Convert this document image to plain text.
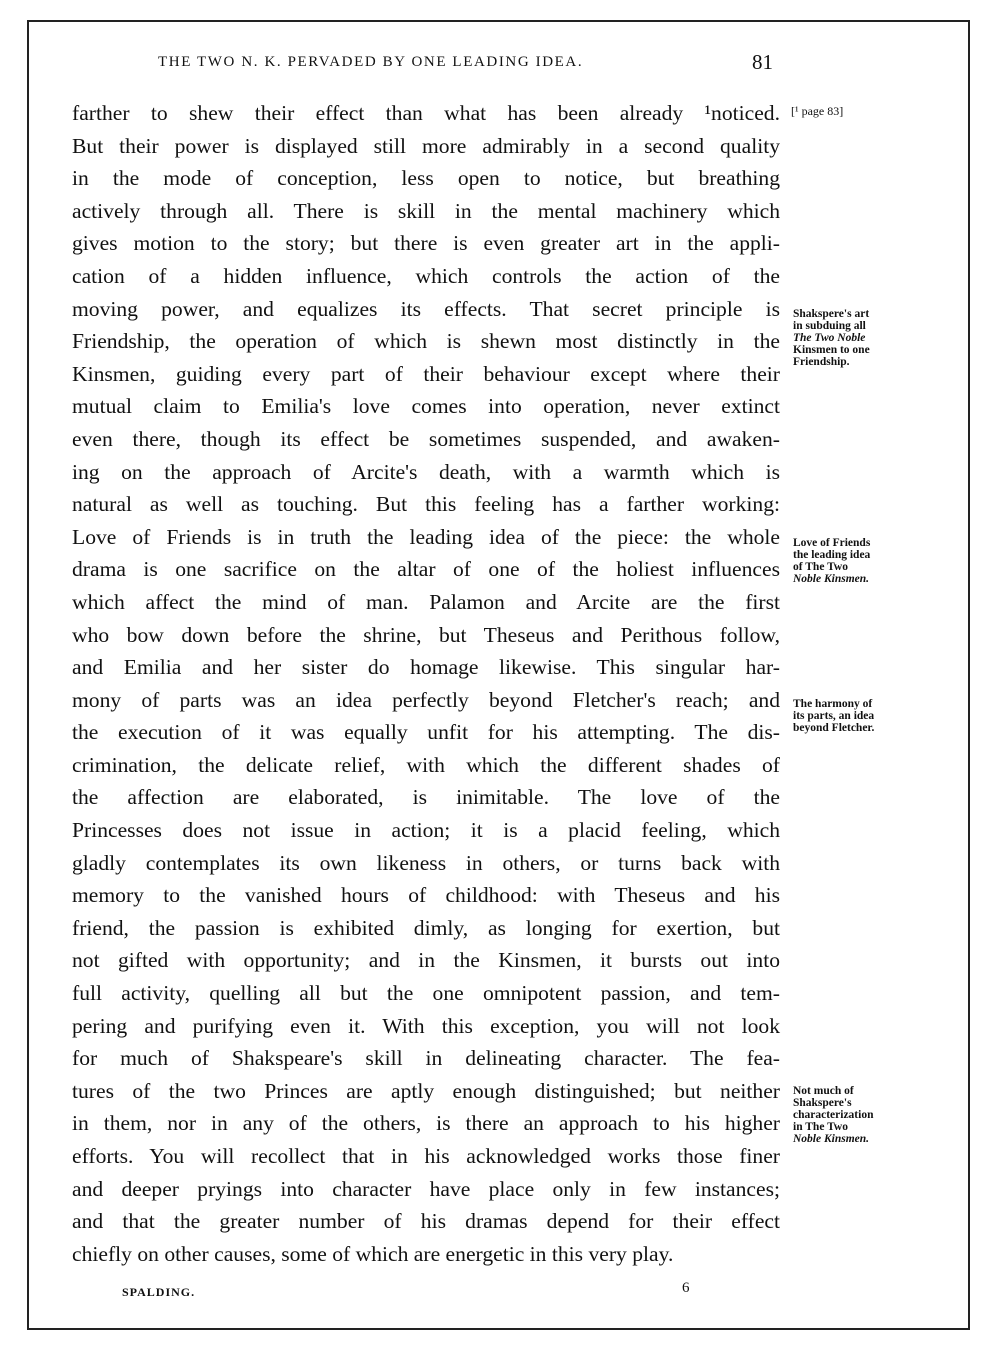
THE TWO N. K. PERVADED BY ONE LEADING IDEA.	81
farther to shew their effect than what has been already ¹noticed.
But their power is displayed still more admirably in a second quality
in the mode of conception, less open to notice, but breathing
actively through all. There is skill in the mental machinery which
gives motion to the story; but there is even greater art in the appli-
cation of a hidden influence, which controls the action of the
moving power, and equalizes its effects. That secret principle is
Friendship, the operation of which is shewn most distinctly in the
Kinsmen, guiding every part of their behaviour except where their
mutual claim to Emilia's love comes into operation, never extinct
even there, though its effect be sometimes suspended, and awaken-
ing on the approach of Arcite's death, with a warmth which is
natural as well as touching. But this feeling has a farther working:
Love of Friends is in truth the leading idea of the piece: the whole
drama is one sacrifice on the altar of one of the holiest influences
which affect the mind of man. Palamon and Arcite are the first
who bow down before the shrine, but Theseus and Perithous follow,
and Emilia and her sister do homage likewise. This singular har-
mony of parts was an idea perfectly beyond Fletcher's reach; and
the execution of it was equally unfit for his attempting. The dis-
crimination, the delicate relief, with which the different shades of
the affection are elaborated, is inimitable. The love of the
Princesses does not issue in action; it is a placid feeling, which
gladly contemplates its own likeness in others, or turns back with
memory to the vanished hours of childhood: with Theseus and his
friend, the passion is exhibited dimly, as longing for exertion, but
not gifted with opportunity; and in the Kinsmen, it bursts out into
full activity, quelling all but the one omnipotent passion, and tem-
pering and purifying even it. With this exception, you will not look
for much of Shakspeare's skill in delineating character. The fea-
tures of the two Princes are aptly enough distinguished; but neither
in them, nor in any of the others, is there an approach to his higher
efforts. You will recollect that in his acknowledged works those finer
and deeper pryings into character have place only in few instances;
and that the greater number of his dramas depend for their effect
chiefly on other causes, some of which are energetic in this very play.
[¹ page 83]
Shakspere's art
in subduing all
The Two Noble
Kinsmen to one
Friendship.
Love of Friends
the leading idea
of The Two
Noble Kinsmen.
The harmony of
its parts, an idea
beyond Fletcher.
Not much of
Shakspere's
characterization
in The Two
Noble Kinsmen.
SPALDING.	6
